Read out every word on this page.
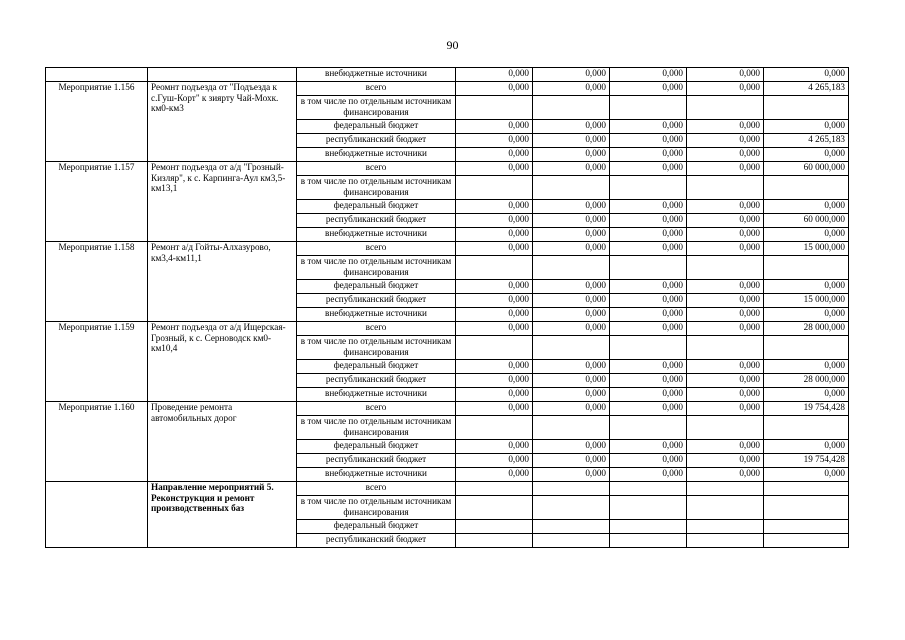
90
		внебюджетные источники	0,000	0,000	0,000	0,000	0,000
Мероприятие 1.156	Реомнт подъезда от "Подъезда к с.Гуш-Корт" к зиярту Чай-Мохк. км0-км3	всего	0,000	0,000	0,000	0,000	4 265,183
		в том числе по отдельным источникам финансирования					
		федеральный бюджет	0,000	0,000	0,000	0,000	0,000
		республиканский бюджет	0,000	0,000	0,000	0,000	4 265,183
		внебюджетные источники	0,000	0,000	0,000	0,000	0,000
Мероприятие 1.157	Ремонт подъезда от а/д "Грозный-Кизляр", к с. Карпинга-Аул км3,5-км13,1	всего	0,000	0,000	0,000	0,000	60 000,000
		в том числе по отдельным источникам финансирования					
		федеральный бюджет	0,000	0,000	0,000	0,000	0,000
		республиканский бюджет	0,000	0,000	0,000	0,000	60 000,000
		внебюджетные источники	0,000	0,000	0,000	0,000	0,000
Мероприятие 1.158	Ремонт а/д Гойты-Алхазурово, км3,4-км11,1	всего	0,000	0,000	0,000	0,000	15 000,000
		в том числе по отдельным источникам финансирования					
		федеральный бюджет	0,000	0,000	0,000	0,000	0,000
		республиканский бюджет	0,000	0,000	0,000	0,000	15 000,000
		внебюджетные источники	0,000	0,000	0,000	0,000	0,000
Мероприятие 1.159	Ремонт подъезда от а/д Ищерская-Грозный, к с. Серноводск км0-км10,4	всего	0,000	0,000	0,000	0,000	28 000,000
		в том числе по отдельным источникам финансирования					
		федеральный бюджет	0,000	0,000	0,000	0,000	0,000
		республиканский бюджет	0,000	0,000	0,000	0,000	28 000,000
		внебюджетные источники	0,000	0,000	0,000	0,000	0,000
Мероприятие 1.160	Проведение ремонта автомобильных дорог	всего	0,000	0,000	0,000	0,000	19 754,428
		в том числе по отдельным источникам финансирования					
		федеральный бюджет	0,000	0,000	0,000	0,000	0,000
		республиканский бюджет	0,000	0,000	0,000	0,000	19 754,428
		внебюджетные источники	0,000	0,000	0,000	0,000	0,000
	Направление мероприятий 5. Реконструкция и ремонт производственных баз	всего					
		в том числе по отдельным источникам финансирования					
		федеральный бюджет					
		республиканский бюджет					
